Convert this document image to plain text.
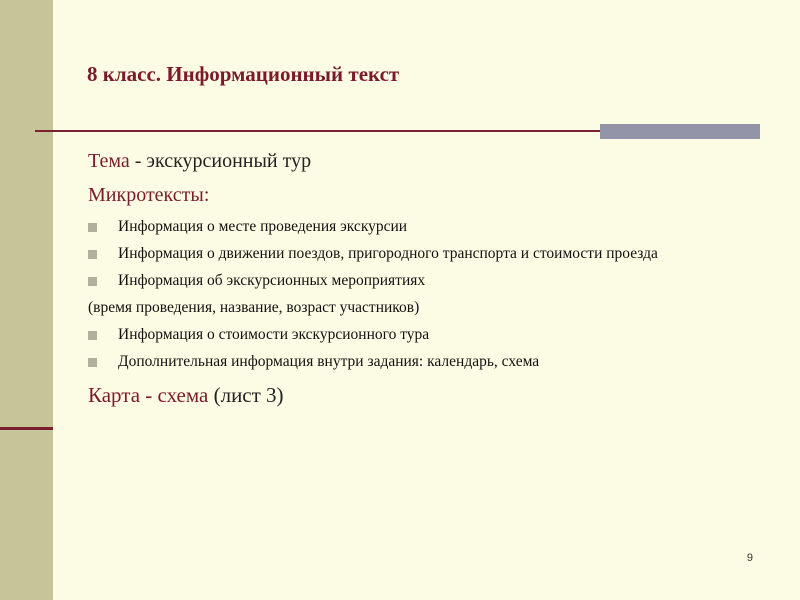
8 класс. Информационный текст

Тема - экскурсионный тур

Микротексты:

Информация о месте проведения экскурсии
Информация о движении поездов, пригородного транспорта и стоимости проезда
Информация об экскурсионных мероприятиях

(время проведения, название, возраст участников)

Информация о стоимости экскурсионного тура
Дополнительная информация внутри задания: календарь, схема

Карта - схема (лист 3)

9
